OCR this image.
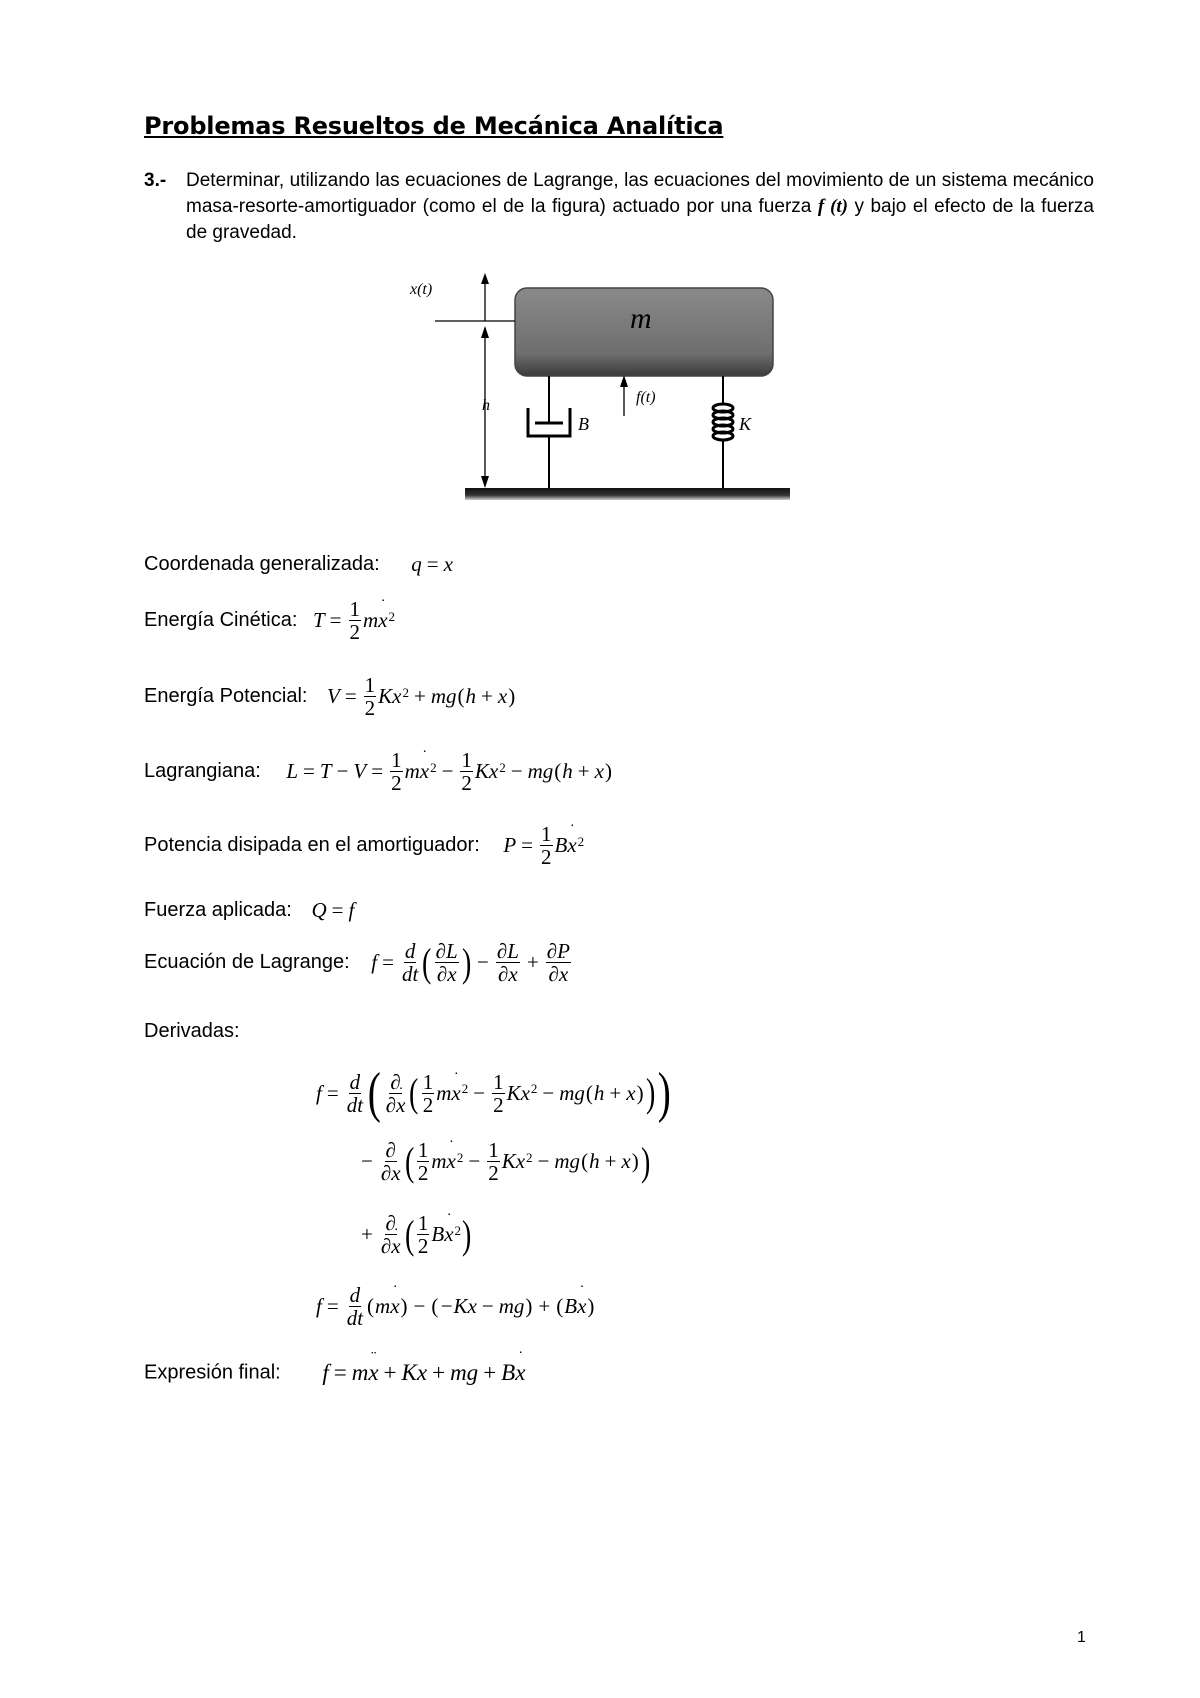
Problemas Resueltos de Mecánica Analítica
3.- Determinar, utilizando las ecuaciones de Lagrange, las ecuaciones del movimiento de un sistema mecánico masa-resorte-amortiguador (como el de la figura) actuado por una fuerza f (t) y bajo el efecto de la fuerza de gravedad.
m
x(t)
h
B
f(t)
K
Coordenada generalizada: q = x
Energía Cinética: $T = \frac{1}{2}$ m x ˙ 2
Energía Potencial: $V = \frac{1}{2}$ Kx 2 + mg ( h + x )
Lagrangiana: $L = T - V = \frac{1}{2}$ m x ˙ $2 - \frac{1}{2}$ Kx 2 − mg ( h + x )
Potencia disipada en el amortiguador: $P = \frac{1}{2}$ B x ˙ 2
Fuerza aplicada: Q = f
Ecuación de Lagrange: $f = \frac{d}{dt}$ ( $\frac{\partial L}{\partial x}$ ˙ ) − $\frac{\partial L}{\partial x} + \frac{\partial P}{\partial x}$ ˙
Derivadas:
$f = \frac{d}{dt}$ ( $\frac{\partial}{\partial x}$ ˙ ( $\frac{1}{2}$ m x ˙ $2 - \frac{1}{2}$ Kx 2 − mg ( h + x ) ) )
− $\frac{\partial}{\partial x}$ ( $\frac{1}{2}$ m x ˙ $2 - \frac{1}{2}$ Kx 2 − mg ( h + x ) )
+ $\frac{\partial}{\partial x}$ ˙ ( $\frac{1}{2}$ B x ˙ 2 )
$f = \frac{d}{dt}$ ( m x ˙ ) − ( −Kx − mg ) + ( B x ˙ )
Expresión final: f = m x ¨ + Kx + mg + B x ˙
1
